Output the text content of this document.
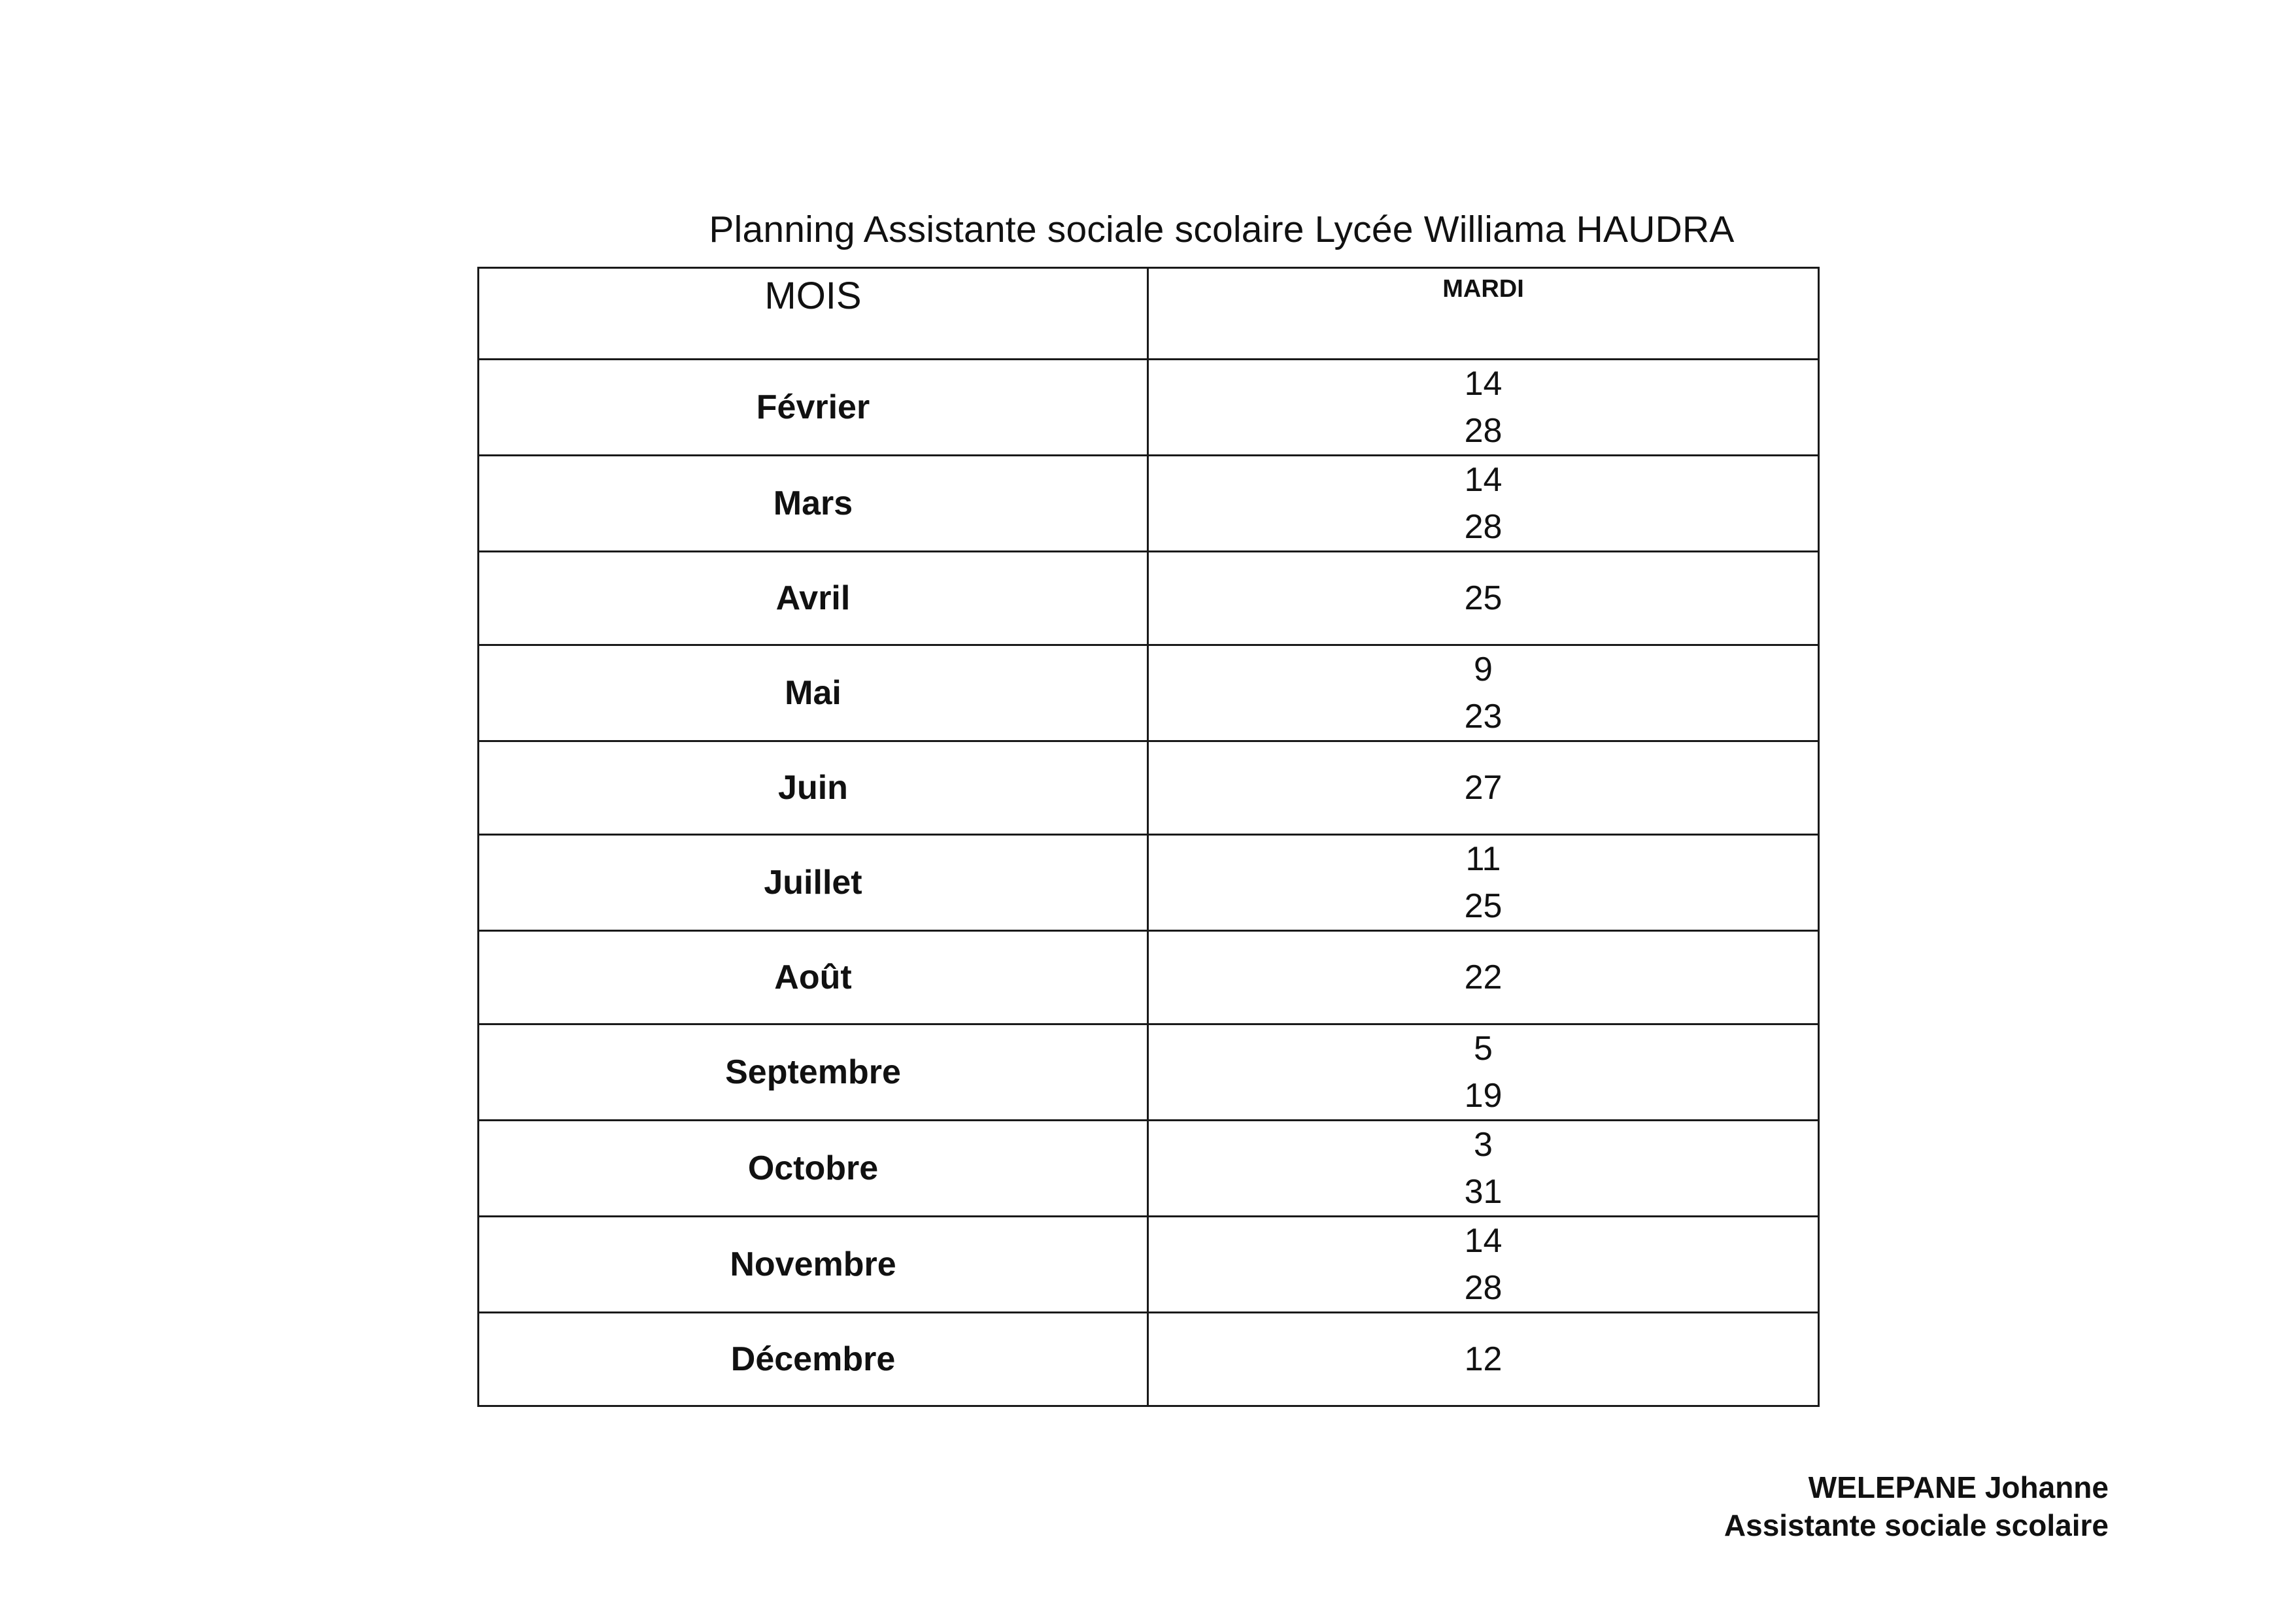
Planning Assistante sociale scolaire Lycée Williama HAUDRA
MOIS	MARDI
Février	14
28

Mars	14
28

Avril	25

Mai	9
23

Juin	27

Juillet	11
25

Août	22

Septembre	5
19

Octobre	3
31

Novembre	14
28

Décembre	12
WELEPANE Johanne
Assistante sociale scolaire
